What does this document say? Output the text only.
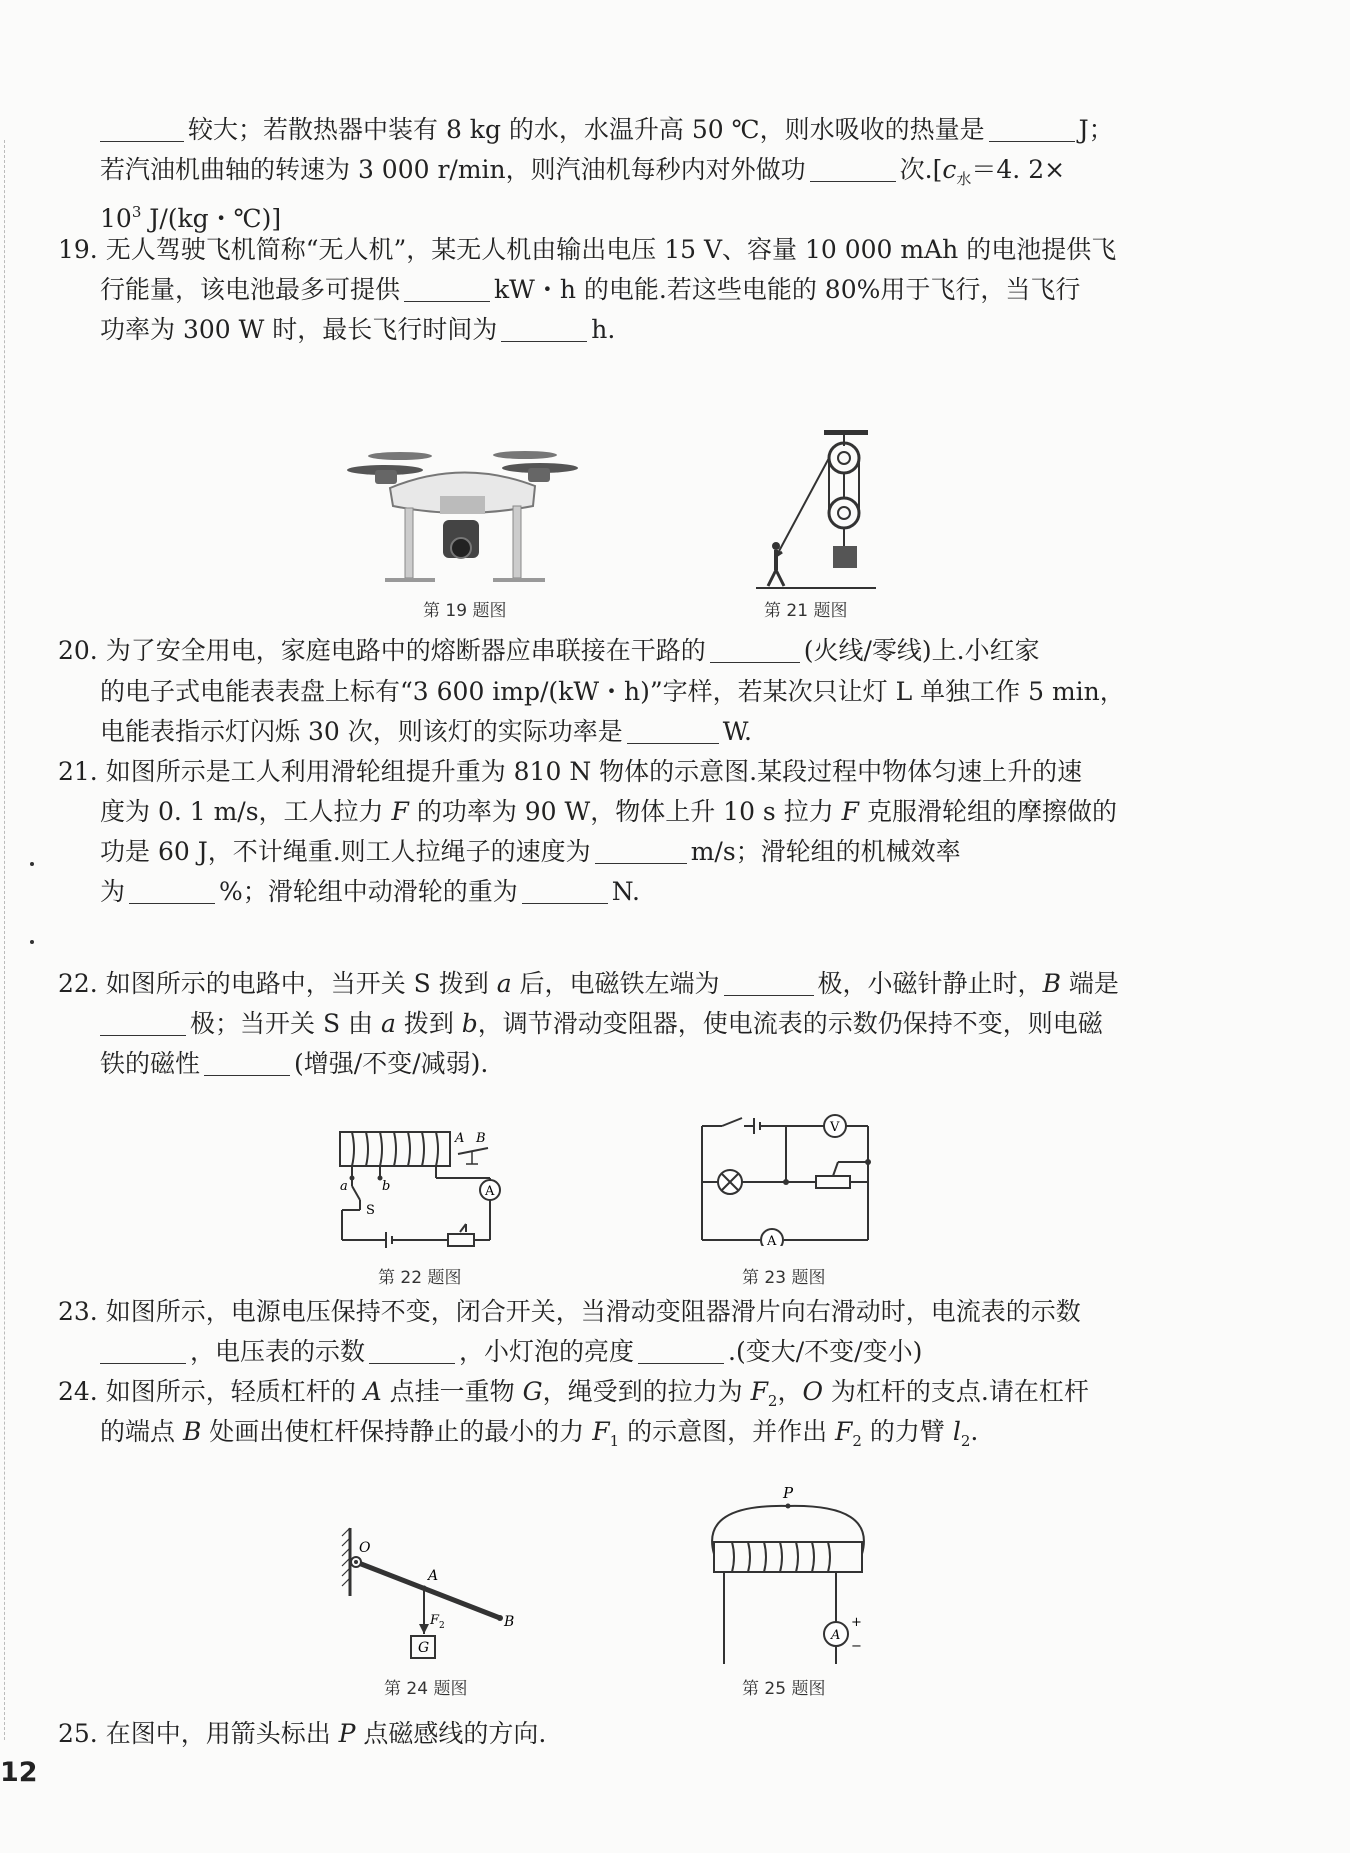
较大；若散热器中装有 8 kg 的水，水温升高 50 ℃，则水吸收的热量是	J；
若汽油机曲轴的转速为 3 000 r/min，则汽油机每秒内对外做功	次$.[c_水=4$. 2×
$10^3$ J/(kg・℃)]
19. 无人驾驶飞机简称“无人机”，某无人机由输出电压 15 V、容量 10 000 mAh 的电池提供飞
行能量，该电池最多可提供	kW・h 的电能.若这些电能的 80%用于飞行，当飞行
功率为 300 W 时，最长飞行时间为	h.
第 19 题图	第 21 题图
20. 为了安全用电，家庭电路中的熔断器应串联接在干路的	(火线/零线)上.小红家
的电子式电能表表盘上标有“3 600 imp/(kW・h)”字样，若某次只让灯 L 单独工作 5 min，
电能表指示灯闪烁 30 次，则该灯的实际功率是	W.
21. 如图所示是工人利用滑轮组提升重为 810 N 物体的示意图.某段过程中物体匀速上升的速
度为 0. 1 m/s，工人拉力 F 的功率为 90 W，物体上升 10 s 拉力 F 克服滑轮组的摩擦做的
功是 60 J，不计绳重.则工人拉绳子的速度为	m/s；滑轮组的机械效率
为	%；滑轮组中动滑轮的重为	N.
22. 如图所示的电路中，当开关 S 拨到 a 后，电磁铁左端为	极，小磁针静止时，B 端是
极；当开关 S 由 a 拨到 b，调节滑动变阻器，使电流表的示数仍保持不变，则电磁
铁的磁性	(增强/不变/减弱).
A
a	b
S
A B
第 22 题图
V
A
第 23 题图
23. 如图所示，电源电压保持不变，闭合开关，当滑动变阻器滑片向右滑动时，电流表的示数
，电压表的示数	，小灯泡的亮度	.(变大/不变/变小)
24. 如图所示，轻质杠杆的 A 点挂一重物 G，绳受到的拉力为 $F_2$，O 为杠杆的支点.请在杠杆
的端点 B 处画出使杠杆保持静止的最小的力 $F_1$ 的示意图，并作出 $F_2$ 的力臂 $l_2$.
O
A
B
F 2
G
第 24 题图
A
+
−
P
第 25 题图
25. 在图中，用箭头标出 P 点磁感线的方向.
12
